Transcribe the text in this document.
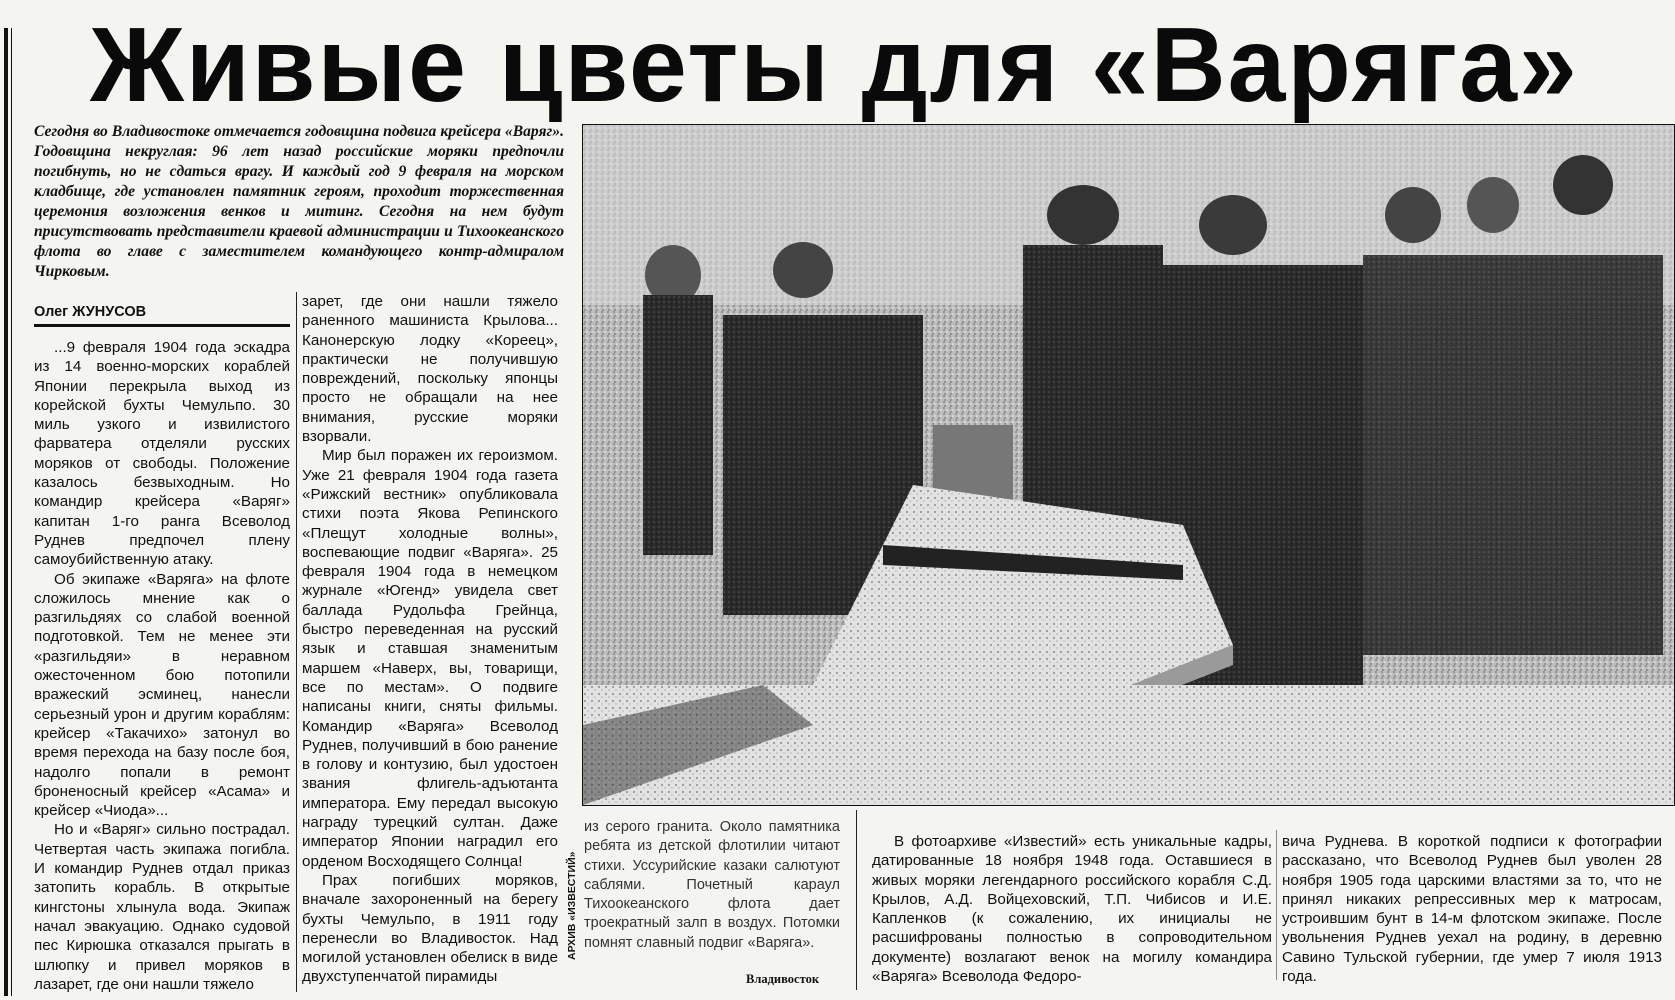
Живые цветы для «Варяга»
Сегодня во Владивостоке отмечается годовщина подвига крейсера «Варяг». Годовщина некруглая: 96 лет назад российские моряки предпочли погибнуть, но не сдаться врагу. И каждый год 9 февраля на морском кладбище, где установлен памятник героям, проходит торжественная церемония возложения венков и митинг. Сегодня на нем будут присутствовать представители краевой администрации и Тихоокеанского флота во главе с заместителем командующего контр-адмиралом Чирковым.
Олег ЖУНУСОВ

...9 февраля 1904 года эскадра из 14 военно-морских кораблей Японии перекрыла выход из корейской бухты Чемульпо. 30 миль узкого и извилистого фарватера отделяли русских моряков от свободы. Положение казалось безвыходным. Но командир крейсера «Варяг» капитан 1-го ранга Всеволод Руднев предпочел плену самоубийственную атаку.

Об экипаже «Варяга» на флоте сложилось мнение как о разгильдяях со слабой военной подготовкой. Тем не менее эти «разгильдяи» в неравном ожесточенном бою потопили вражеский эсминец, нанесли серьезный урон и другим кораблям: крейсер «Такачихо» затонул во время перехода на базу после боя, надолго попали в ремонт броненосный крейсер «Асама» и крейсер «Чиода»...

Но и «Варяг» сильно пострадал. Четвертая часть экипажа погибла. И командир Руднев отдал приказ затопить корабль. В открытые кингстоны хлынула вода. Экипаж начал эвакуацию. Однако судовой пес Кирюшка отказался прыгать в шлюпку и привел моряков в лазарет, где они нашли тяжело

зарет, где они нашли тяжело раненного машиниста Крылова... Канонерскую лодку «Кореец», практически не получившую повреждений, поскольку японцы просто не обращали на нее внимания, русские моряки взорвали.

Мир был поражен их героизмом. Уже 21 февраля 1904 года газета «Рижский вестник» опубликовала стихи поэта Якова Репинского «Плещут холодные волны», воспевающие подвиг «Варяга». 25 февраля 1904 года в немецком журнале «Югенд» увидела свет баллада Рудольфа Грейнца, быстро переведенная на русский язык и ставшая знаменитым маршем «Наверх, вы, товарищи, все по местам». О подвиге написаны книги, сняты фильмы. Командир «Варяга» Всеволод Руднев, получивший в бою ранение в голову и контузию, был удостоен звания флигель-адъютанта императора. Ему передал высокую награду турецкий султан. Даже император Японии наградил его орденом Восходящего Солнца!

Прах погибших моряков, вначале захороненный на берегу бухты Чемульпо, в 1911 году перенесли во Владивосток. Над могилой установлен обелиск в виде двухступенчатой пирамиды

АРХИВ «ИЗВЕСТИЙ»

из серого гранита. Около памятника ребята из детской флотилии читают стихи. Уссурийские казаки салютуют саблями. Почетный караул Тихоокеанского флота дает троекратный залп в воздух. Потомки помнят славный подвиг «Варяга».

Владивосток

В фотоархиве «Известий» есть уникальные кадры, датированные 18 ноября 1948 года. Оставшиеся в живых моряки легендарного российского корабля С.Д. Крылов, А.Д. Войцеховский, Т.П. Чибисов и И.Е. Капленков (к сожалению, их инициалы не расшифрованы полностью в сопроводительном документе) возлагают венок на могилу командира «Варяга» Всеволода Федоро-

вича Руднева. В короткой подписи к фотографии рассказано, что Всеволод Руднев был уволен 28 ноября 1905 года царскими властями за то, что не принял никаких репрессивных мер к матросам, устроившим бунт в 14-м флотском экипаже. После увольнения Руднев уехал на родину, в деревню Савино Тульской губернии, где умер 7 июля 1913 года.
